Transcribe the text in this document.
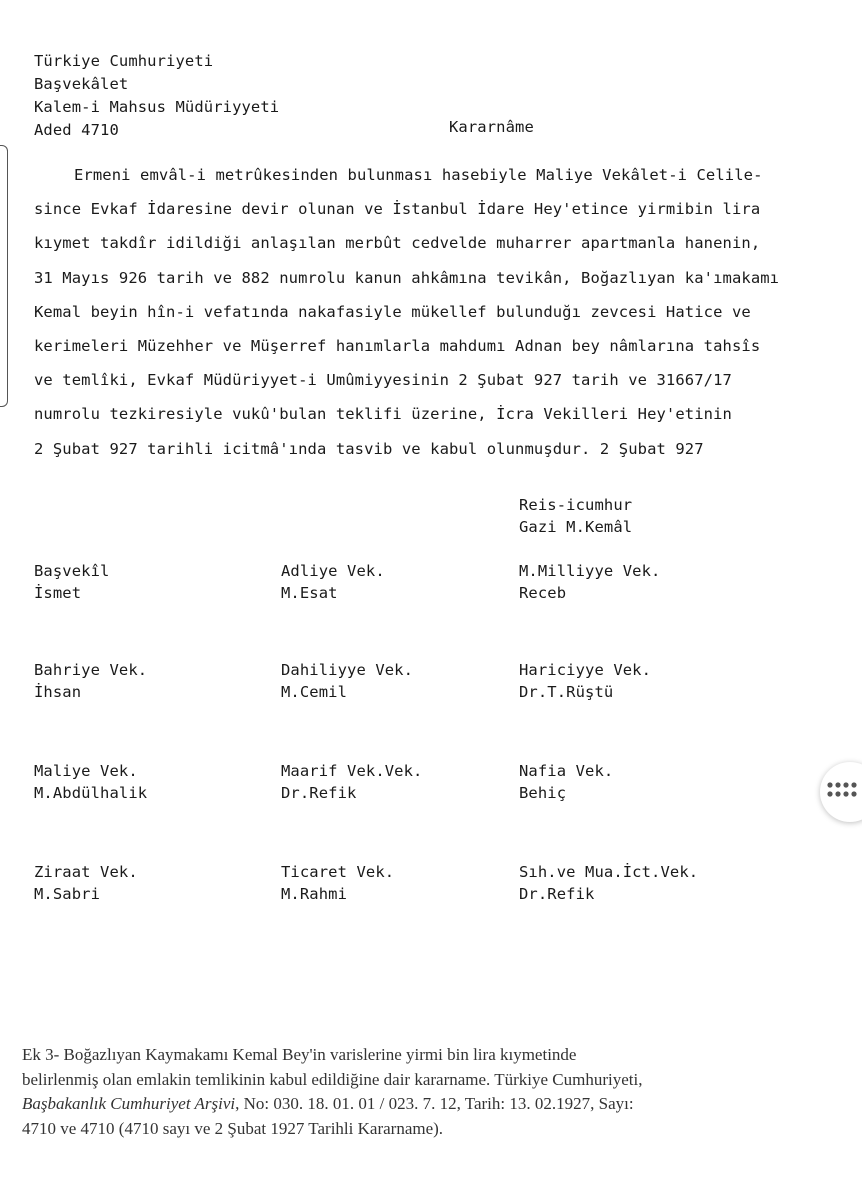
Türkiye Cumhuriyeti
Başvekâlet
Kalem-i Mahsus Müdüriyyeti
Aded 4710	Kararnâme
Ermeni emvâl-i metrûkesinden bulunması hasebiyle Maliye Vekâlet-i Celile-
since Evkaf İdaresine devir olunan ve İstanbul İdare Hey'etince yirmibin lira
kıymet takdîr idildiği anlaşılan merbût cedvelde muharrer apartmanla hanenin,
31 Mayıs 926 tarih ve 882 numrolu kanun ahkâmına tevikân, Boğazlıyan ka'ımakamı
Kemal beyin hîn-i vefatında nakafasiyle mükellef bulunduğı zevcesi Hatice ve
kerimeleri Müzehher ve Müşerref hanımlarla mahdumı Adnan bey nâmlarına tahsîs
ve temlîki, Evkaf Müdüriyyet-i Umûmiyyesinin 2 Şubat 927 tarih ve 31667/17
numrolu tezkiresiyle vukû'bulan teklifi üzerine, İcra Vekilleri Hey'etinin
2 Şubat 927 tarihli icitmâ'ında tasvib ve kabul olunmuşdur. 2 Şubat 927
Reis-icumhur
Gazi M.Kemâl
Başvekîl
İsmet
Adliye Vek.
M.Esat
M.Milliyye Vek.
Receb
Bahriye Vek.
İhsan
Dahiliyye Vek.
M.Cemil
Hariciyye Vek.
Dr.T.Rüştü
Maliye Vek.
M.Abdülhalik
Maarif Vek.Vek.
Dr.Refik
Nafia Vek.
Behiç
Ziraat Vek.
M.Sabri
Ticaret Vek.
M.Rahmi
Sıh.ve Mua.İct.Vek.
Dr.Refik
Ek 3- Boğazlıyan Kaymakamı Kemal Bey'in varislerine yirmi bin lira kıymetinde
belirlenmiş olan emlakin temlikinin kabul edildiğine dair kararname. Türkiye Cumhuriyeti,
Başbakanlık Cumhuriyet Arşivi, No: 030. 18. 01. 01 / 023. 7. 12, Tarih: 13. 02.1927, Sayı:
4710 ve 4710 (4710 sayı ve 2 Şubat 1927 Tarihli Kararname).
